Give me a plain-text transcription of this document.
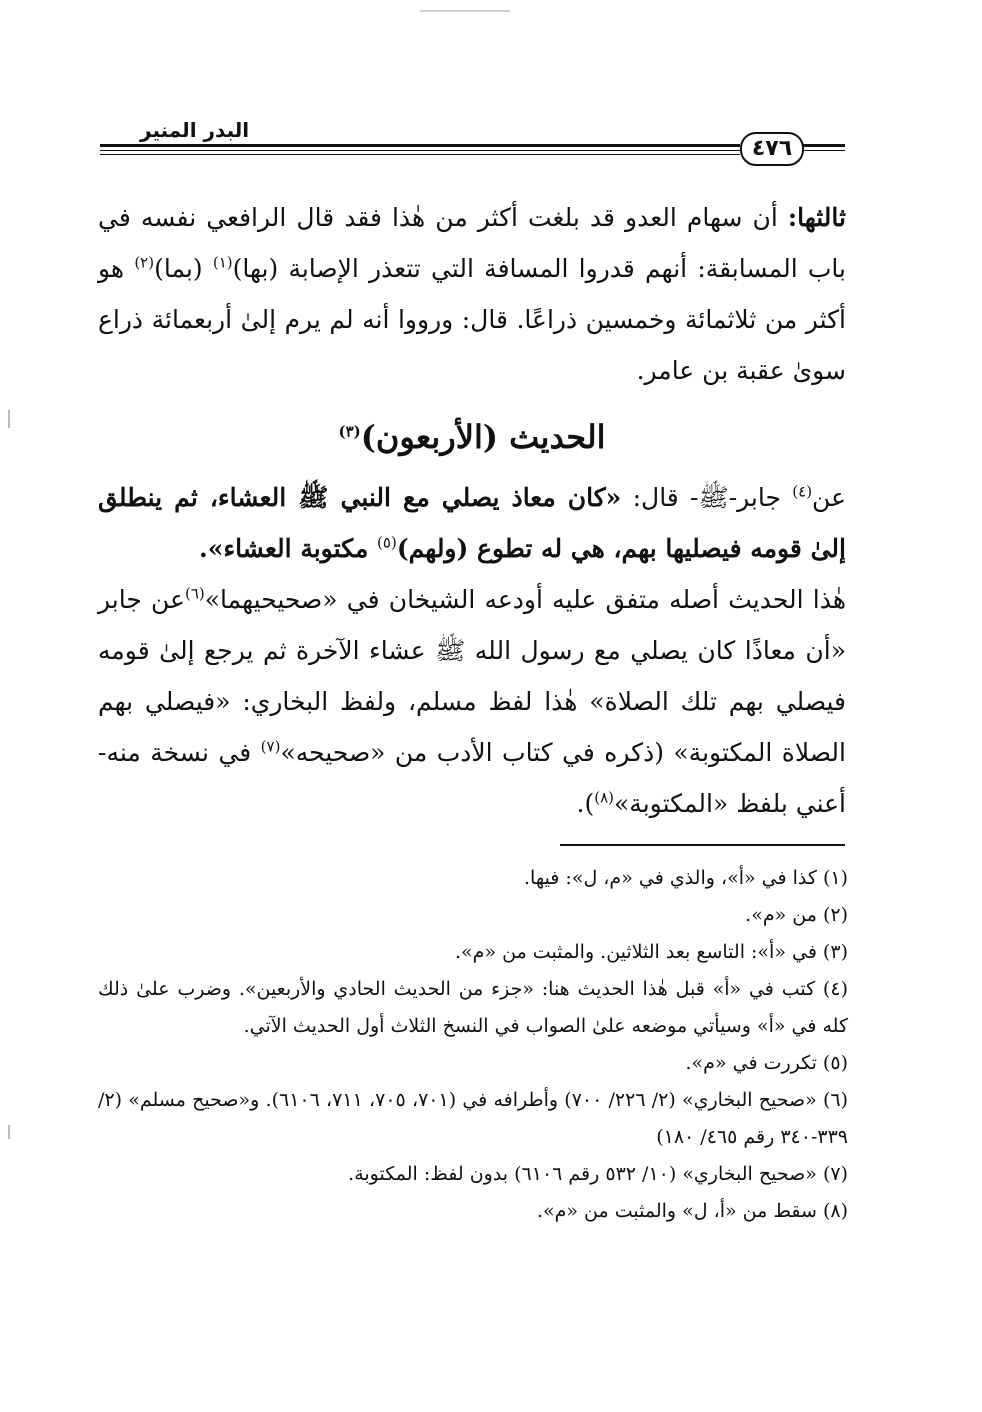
البدر المنير
٤٧٦

ثالثها: أن سهام العدو قد بلغت أكثر من هٰذا فقد قال الرافعي نفسه في باب المسابقة: أنهم قدروا المسافة التي تتعذر الإصابة (بها)$^{(١)}$ (بما)$^{(٢)}$ هو أكثر من ثلاثمائة وخمسين ذراعًا. قال: ورووا أنه لم يرم إلىٰ أربعمائة ذراع سوىٰ عقبة بن عامر.

الحديث (الأربعون)$^{(٣)}$

عن$^{(٤)}$ جابر-ﷺ- قال: «كان معاذ يصلي مع النبي ﷺ العشاء، ثم ينطلق إلىٰ قومه فيصليها بهم، هي له تطوع (ولهم)$^{(٥)}$ مكتوبة العشاء».

هٰذا الحديث أصله متفق عليه أودعه الشيخان في «صحيحيهما»$^{(٦)}$عن جابر «أن معاذًا كان يصلي مع رسول الله ﷺ عشاء الآخرة ثم يرجع إلىٰ قومه فيصلي بهم تلك الصلاة» هٰذا لفظ مسلم، ولفظ البخاري: «فيصلي بهم الصلاة المكتوبة» (ذكره في كتاب الأدب من «صحيحه»$^{(٧)}$ في نسخة منه- أعني بلفظ «المكتوبة»$^{(٨)}$).

(١) كذا في «أ»، والذي في «م، ل»: فيها.

(٢) من «م».

(٣) في «أ»: التاسع بعد الثلاثين. والمثبت من «م».

(٤) كتب في «أ» قبل هٰذا الحديث هنا: «جزء من الحديث الحادي والأربعين». وضرب علىٰ ذلك كله في «أ» وسيأتي موضعه علىٰ الصواب في النسخ الثلاث أول الحديث الآتي.

(٥) تكررت في «م».

(٦) «صحيح البخاري» (٢/ ٢٢٦/ ٧٠٠) وأطرافه في (٧٠١، ٧٠٥، ٧١١، ٦١٠٦). و«صحيح مسلم» (٢/ ٣٣٩-٣٤٠ رقم ٤٦٥/ ١٨٠)

(٧) «صحيح البخاري» (١٠/ ٥٣٢ رقم ٦١٠٦) بدون لفظ: المكتوبة.

(٨) سقط من «أ، ل» والمثبت من «م».
